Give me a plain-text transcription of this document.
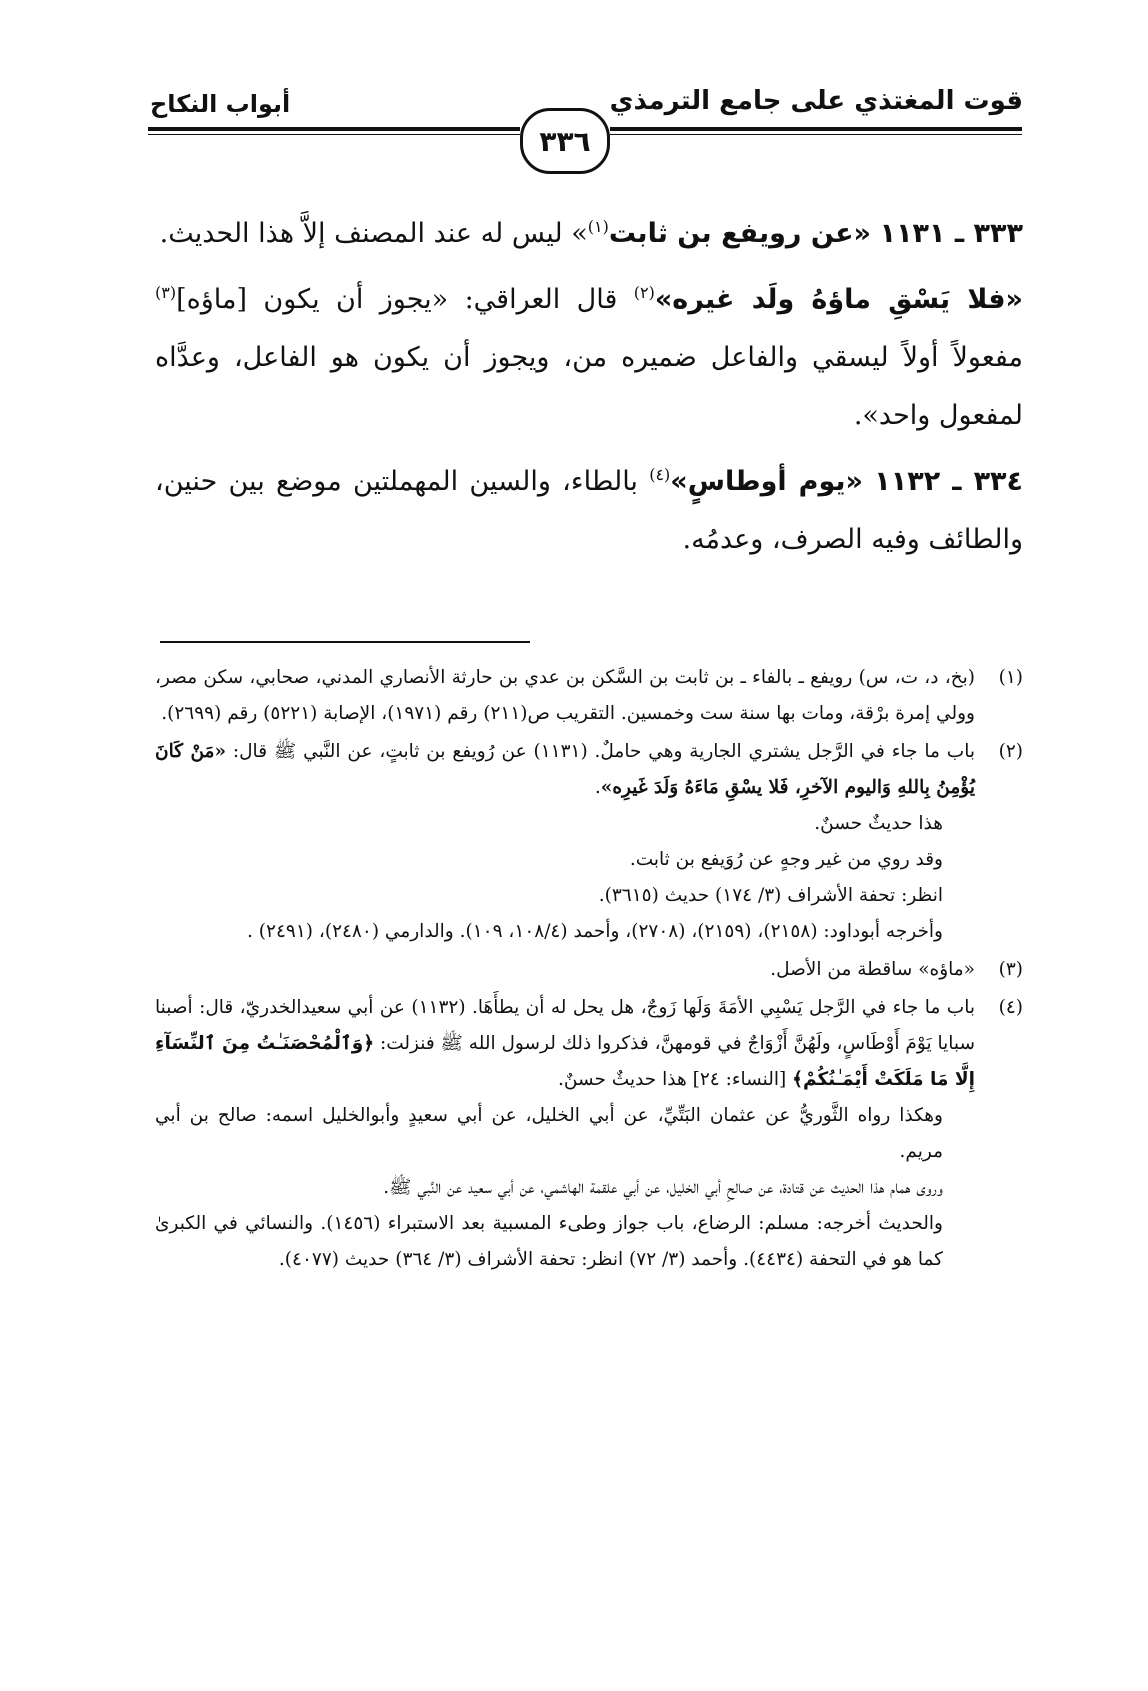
قوت المغتذي على جامع الترمذي
أبواب النكاح
٣٣٦

٣٣٣ ـ ١١٣١ «عن رويفع بن ثابت$^{(١)}$» ليس له عند المصنف إلاَّ هذا الحديث.

«فلا يَسْقِ ماؤهُ ولَد غيره»$^{(٢)}$ قال العراقي: «يجوز أن يكون [ماؤه]$^{(٣)}$ مفعولاً أولاً ليسقي والفاعل ضميره من، ويجوز أن يكون هو الفاعل، وعدَّاه لمفعول واحد».

٣٣٤ ـ ١١٣٢ «يوم أوطاسٍ»$^{(٤)}$ بالطاء، والسين المهملتين موضع بين حنين، والطائف وفيه الصرف، وعدمُه.

(١)

(بخ، د، ت، س) رويفع ـ بالفاء ـ بن ثابت بن السَّكن بن عدي بن حارثة الأنصاري المدني، صحابي، سكن مصر، وولي إمرة برْقة، ومات بها سنة ست وخمسين. التقريب ص(٢١١) رقم (١٩٧١)، الإصابة (٥٢٢١) رقم (٢٦٩٩).

(٢)

باب ما جاء في الرَّجل يشتري الجارية وهي حاملٌ. (١١٣١) عن رُويفع بن ثابتٍ، عن النَّبي ﷺ قال: «مَنْ كَانَ يُؤْمِنُ بِاللهِ وَاليوم الآخرِ، فَلا يسْقِ مَاءَهُ وَلَدَ غَيرِه».

هذا حديثٌ حسنٌ.

وقد روي من غير وجهٍ عن رُوَيفع بن ثابت.

انظر: تحفة الأشراف (٣/ ١٧٤) حديث (٣٦١٥).

وأخرجه أبوداود: (٢١٥٨)، (٢١٥٩)، (٢٧٠٨)، وأحمد (١٠٨/٤، ١٠٩). والدارمي (٢٤٨٠)، (٢٤٩١) .

(٣)

«ماؤه» ساقطة من الأصل.

(٤)

باب ما جاء في الرَّجل يَسْبِي الأمَةَ وَلَها زَوجٌ، هل يحل له أن يطأَهَا. (١١٣٢) عن أبي سعيدالخدريّ، قال: أصبنا سبايا يَوْمَ أَوْطَاسٍ، ولَهُنَّ أَزْوَاجٌ في قومهنَّ، فذكروا ذلك لرسول الله ﷺ فنزلت: ﴿وَٱلْمُحْصَنَـٰتُ مِنَ ٱلنِّسَآءِ إِلَّا مَا مَلَكَتْ أَيْمَـٰنُكُمْ﴾ [النساء: ٢٤] هذا حديثٌ حسنٌ.

وهكذا رواه الثَّوريُّ عن عثمان البَتِّيِّ، عن أبي الخليل، عن أبي سعيدٍ وأبوالخليل اسمه: صالح بن أبي مريم.

وروى همام هذا الحديث عن قتادة، عن صالحِ أبي الخليل، عن أبي علقمة الهاشمي، عن أبي سعيد عن النَّبي ﷺ.

والحديث أخرجه: مسلم: الرضاع، باب جواز وطىء المسبية بعد الاستبراء (١٤٥٦). والنسائي في الكبرىٰ كما هو في التحفة (٤٤٣٤). وأحمد (٣/ ٧٢) انظر: تحفة الأشراف (٣/ ٣٦٤) حديث (٤٠٧٧).
